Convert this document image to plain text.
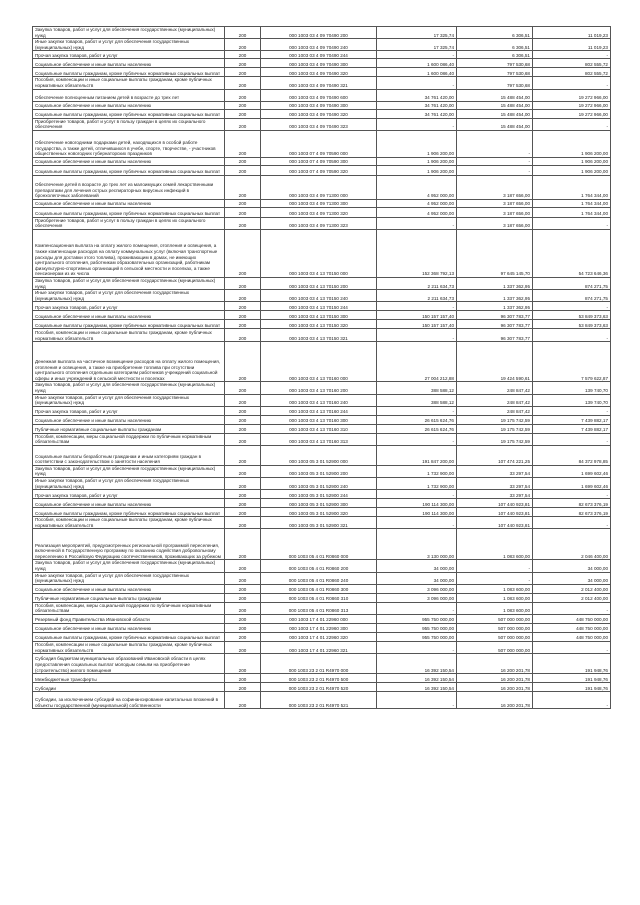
Закупка товаров, работ и услуг для обеспечения государственных (муниципальных) нужд	200	000 1003 03 4 09 70490 200	17 325,74	6 306,51	11 019,23
Иные закупки товаров, работ и услуг для обеспечения государственных (муниципальных) нужд	200	000 1003 03 4 09 70490 240	17 325,74	6 306,51	11 019,23
Прочая закупка товаров, работ и услуг	200	000 1003 03 4 09 70490 244	-	6 306,51	-
Социальное обеспечение и иные выплаты населению	200	000 1003 03 4 09 70490 300	1 600 086,40	797 530,68	802 555,72
Социальные выплаты гражданам, кроме публичных нормативных социальных выплат	200	000 1003 03 4 09 70490 320	1 600 086,40	797 530,68	802 555,72
Пособия, компенсации и иные социальные выплаты гражданам, кроме публичных нормативных обязательств	200	000 1003 03 4 09 70490 321	-	797 530,68	-
Обеспечение полноценным питанием детей в возрасте до трех лет	200	000 1003 03 4 09 70490 600	34 761 420,00	15 488 454,00	19 272 966,00
Социальное обеспечение и иные выплаты населению	200	000 1003 03 4 09 70490 300	34 761 420,00	15 488 454,00	19 272 966,00
Социальные выплаты гражданам, кроме публичных нормативных социальных выплат	200	000 1003 03 4 09 70490 320	34 761 420,00	15 488 454,00	19 272 966,00
Приобретение товаров, работ и услуг в пользу граждан в целях их социального обеспечения	200	000 1003 03 4 09 70490 323	-	15 488 454,00	-
Обеспечение новогодними подарками детей, находящихся в особой работе государства, а также детей, отличившихся в учебе, спорте, творчестве, - участников общественных новогодних губернаторских праздников	200	000 1003 07 4 09 70590 000	1 906 200,00	-	1 906 200,00
Социальное обеспечение и иные выплаты населению	200	000 1003 07 4 09 70590 300	1 906 200,00	-	1 906 200,00
Социальные выплаты гражданам, кроме публичных нормативных социальных выплат	200	000 1003 07 4 09 70590 320	1 906 200,00	-	1 906 200,00
Обеспечение детей в возрасте до трех лет из малоимущих семей лекарственными препаратами для лечения острых респираторных вирусных инфекций в бронхолегочных заболеваний	200	000 1003 03 4 09 71300 000	4 952 000,00	3 187 656,00	1 764 344,00
Социальное обеспечение и иные выплаты населению	200	000 1003 03 4 09 71300 300	4 952 000,00	3 187 656,00	1 764 344,00
Социальные выплаты гражданам, кроме публичных нормативных социальных выплат	200	000 1003 03 4 09 71300 320	4 952 000,00	3 187 656,00	1 764 344,00
Приобретение товаров, работ и услуг в пользу граждан в целях их социального обеспечения	200	000 1003 03 4 09 71300 323	-	3 187 656,00	-
Компенсационная выплата на оплату жилого помещения, отопления и освещения, а также компенсации расходов на оплату коммунальных услуг (включая транспортные расходы для доставки этого топлива), проживающим в домах, не имеющих центрального отопления, работникам образовательных организаций, работникам физкультурно-спортивных организаций в сельской местности и поселках, а также пенсионерам из их числа	200	000 1003 03 4 13 70150 000	152 368 792,13	97 645 145,70	54 723 646,36
Закупка товаров, работ и услуг для обеспечения государственных (муниципальных) нужд	200	000 1003 03 4 13 70150 200	2 211 634,73	1 337 362,95	874 271,75
Иные закупки товаров, работ и услуг для обеспечения государственных (муниципальных) нужд	200	000 1003 03 4 13 70150 240	2 211 634,73	1 337 362,95	874 271,75
Прочая закупка товаров, работ и услуг	200	000 1003 03 4 13 70150 244	-	1 337 362,95	-
Социальное обеспечение и иные выплаты населению	200	000 1003 03 4 13 70150 300	150 157 157,40	96 307 783,77	53 849 373,63
Социальные выплаты гражданам, кроме публичных нормативных социальных выплат	200	000 1003 03 4 13 70150 320	150 157 157,40	96 307 783,77	53 849 373,63
Пособия, компенсации и иные социальные выплаты гражданам, кроме публичных нормативных обязательств	200	000 1003 03 4 13 70150 321	-	96 307 783,77	-
Денежная выплата на частичное возмещение расходов на оплату жилого помещения, отопления и освещения, а также на приобретение топлива при отсутствии центрального отопления отдельным категориям работников учреждений социальной сферы и иных учреждений в сельской местности и поселках	200	000 1003 03 4 13 70160 000	27 004 212,88	19 424 590,61	7 579 622,87
Закупка товаров, работ и услуг для обеспечения государственных (муниципальных) нужд	200	000 1003 03 4 13 70160 200	388 588,12	248 847,42	139 740,70
Иные закупки товаров, работ и услуг для обеспечения государственных (муниципальных) нужд	200	000 1003 03 4 13 70160 240	388 588,12	248 847,42	139 740,70
Прочая закупка товаров, работ и услуг	200	000 1003 03 4 13 70160 244	-	248 847,42	-
Социальное обеспечение и иные выплаты населению	200	000 1003 03 4 13 70160 300	26 615 624,76	19 175 742,59	7 439 882,17
Публичные нормативные социальные выплаты гражданам	200	000 1003 03 4 13 70160 310	26 615 624,76	19 175 742,59	7 439 882,17
Пособия, компенсации, меры социальной поддержки по публичным нормативным обязательствам	200	000 1003 03 4 13 70160 313	-	19 175 742,59	-
Социальные выплаты безработным гражданам и иным категориям граждан в соответствии с законодательством о занятости населения	200	000 1003 05 3 01 52900 000	191 847 200,00	107 474 221,25	84 372 978,85
Закупка товаров, работ и услуг для обеспечения государственных (муниципальных) нужд	200	000 1003 05 3 01 52900 200	1 732 900,00	33 297,54	1 699 602,46
Иные закупки товаров, работ и услуг для обеспечения государственных (муниципальных) нужд	200	000 1003 05 3 01 52900 240	1 732 900,00	33 297,54	1 699 602,46
Прочая закупка товаров, работ и услуг	200	000 1003 05 3 01 52900 244	-	33 297,54	-
Социальное обеспечение и иные выплаты населению	200	000 1003 05 3 01 52900 300	190 114 300,00	107 440 923,81	82 673 376,19
Социальные выплаты гражданам, кроме публичных нормативных социальных выплат	200	000 1003 05 3 01 52900 320	190 114 300,00	107 440 923,81	82 673 376,19
Пособия, компенсации и иные социальные выплаты гражданам, кроме публичных нормативных обязательств	200	000 1003 05 3 01 52900 321	-	107 440 923,81	-
Реализация мероприятий, предусмотренных региональной программой переселения, включенной в Государственную программу по оказанию содействия добровольному переселению в Российскую Федерацию соотечественников, проживающих за рубежом	200	000 1003 05 4 01 R0860 000	3 130 000,00	1 083 600,00	2 046 400,00
Закупка товаров, работ и услуг для обеспечения государственных (муниципальных) нужд	200	000 1003 05 4 01 R0860 200	34 000,00	-	34 000,00
Иные закупки товаров, работ и услуг для обеспечения государственных (муниципальных) нужд	200	000 1003 05 4 01 R0860 240	34 000,00	-	34 000,00
Социальное обеспечение и иные выплаты населению	200	000 1003 05 4 01 R0860 300	3 096 000,00	1 083 600,00	2 012 400,00
Публичные нормативные социальные выплаты гражданам	200	000 1003 05 4 01 R0860 310	3 096 000,00	1 083 600,00	2 012 400,00
Пособия, компенсации, меры социальной поддержки по публичным нормативным обязательствам	200	000 1003 05 4 01 R0860 313	-	1 083 600,00	-
Резервный фонд Правительства Ивановской области	200	000 1003 17 4 01 22960 000	955 750 000,00	507 000 000,00	448 750 000,00
Социальное обеспечение и иные выплаты населению	200	000 1003 17 4 01 22960 300	955 750 000,00	507 000 000,00	448 750 000,00
Социальные выплаты гражданам, кроме публичных нормативных социальных выплат	200	000 1003 17 4 01 22960 320	955 750 000,00	507 000 000,00	448 750 000,00
Пособия, компенсации и иные социальные выплаты гражданам, кроме публичных нормативных обязательств	200	000 1003 17 4 01 22960 321	-	507 000 000,00	-
Субсидия бюджетам муниципальных образований Ивановской области в целях предоставления социальных выплат молодым семьям на приобретение (строительство) жилого помещения	200	000 1003 23 2 01 R4970 000	16 392 150,54	16 200 201,78	191 948,76
Межбюджетные трансферты	200	000 1003 23 2 01 R4970 500	16 392 150,54	16 200 201,78	191 948,76
Субсидии	200	000 1003 23 2 01 R4970 520	16 392 150,54	16 200 201,78	191 948,76
Субсидии, за исключением субсидий на софинансирование капитальных вложений в объекты государственной (муниципальной) собственности	200	000 1003 23 2 01 R4970 521	-	16 200 201,78	-
